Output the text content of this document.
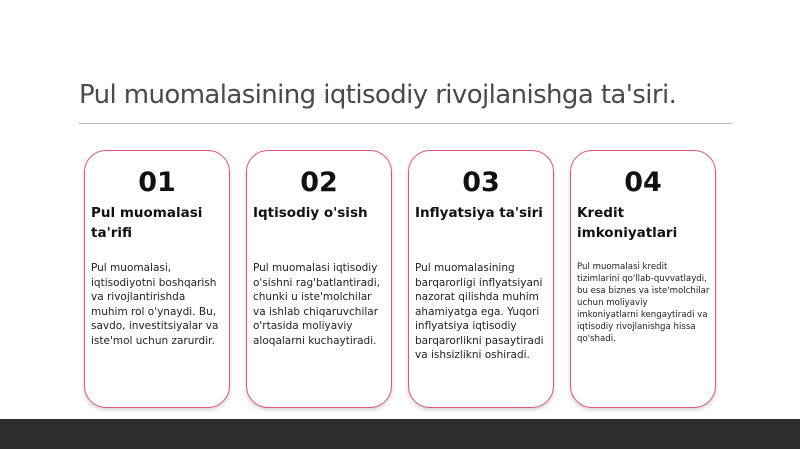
Pul muomalasining iqtisodiy rivojlanishga ta'siri.
01
Pul muomalasi ta'rifi
Pul muomalasi, iqtisodiyotni boshqarish va rivojlantirishda muhim rol o'ynaydi. Bu, savdo, investitsiyalar va iste'mol uchun zarurdir.
02
Iqtisodiy o'sish
Pul muomalasi iqtisodiy o'sishni rag'batlantiradi, chunki u iste'molchilar va ishlab chiqaruvchilar o'rtasida moliyaviy aloqalarni kuchaytiradi.
03
Inflyatsiya ta'siri
Pul muomalasining barqarorligi inflyatsiyani nazorat qilishda muhim ahamiyatga ega. Yuqori inflyatsiya iqtisodiy barqarorlikni pasaytiradi va ishsizlikni oshiradi.
04
Kredit imkoniyatlari
Pul muomalasi kredit tizimlarini qo'llab-quvvatlaydi, bu esa biznes va iste'molchilar uchun moliyaviy imkoniyatlarni kengaytiradi va iqtisodiy rivojlanishga hissa qo'shadi.
